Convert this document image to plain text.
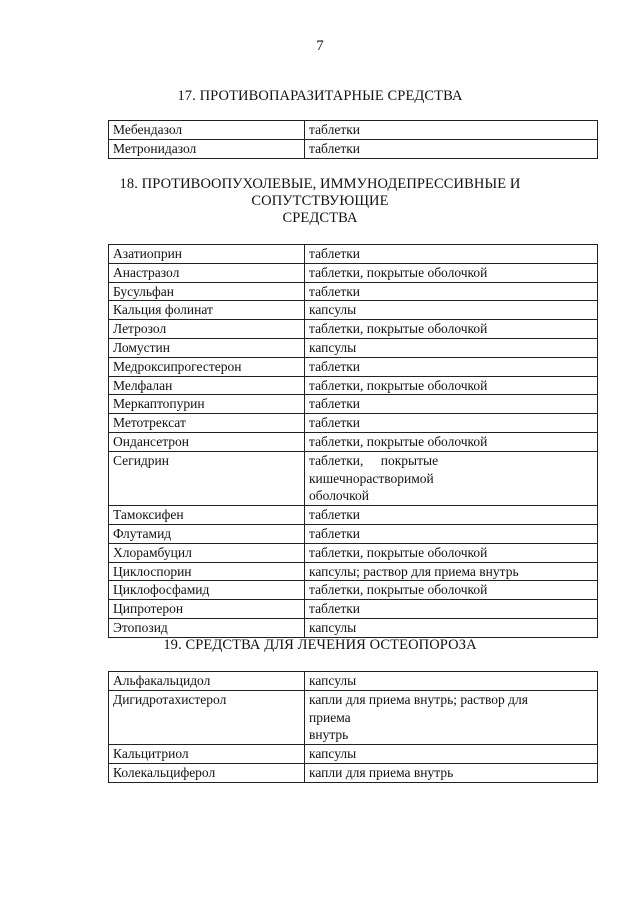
7
17. ПРОТИВОПАРАЗИТАРНЫЕ СРЕДСТВА
Мебендазол	таблетки

Метронидазол	таблетки
18. ПРОТИВООПУХОЛЕВЫЕ, ИММУНОДЕПРЕССИВНЫЕ И
СОПУТСТВУЮЩИЕ
СРЕДСТВА
Азатиоприн	таблетки

Анастразол	таблетки, покрытые оболочкой

Бусульфан	таблетки

Кальция фолинат	капсулы

Летрозол	таблетки, покрытые оболочкой

Ломустин	капсулы

Медроксипрогестерон	таблетки

Мелфалан	таблетки, покрытые оболочкой

Меркаптопурин	таблетки

Метотрексат	таблетки

Ондансетрон	таблетки, покрытые оболочкой

Сегидрин	таблетки, покрытые
кишечнорастворимой
оболочкой

Тамоксифен	таблетки

Флутамид	таблетки

Хлорамбуцил	таблетки, покрытые оболочкой

Циклоспорин	капсулы; раствор для приема внутрь

Циклофосфамид	таблетки, покрытые оболочкой

Ципротерон	таблетки

Этопозид	капсулы
19. СРЕДСТВА ДЛЯ ЛЕЧЕНИЯ ОСТЕОПОРОЗА
Альфакальцидол	капсулы

Дигидротахистерол	капли для приема внутрь; раствор для
приема
внутрь

Кальцитриол	капсулы

Колекальциферол	капли для приема внутрь
